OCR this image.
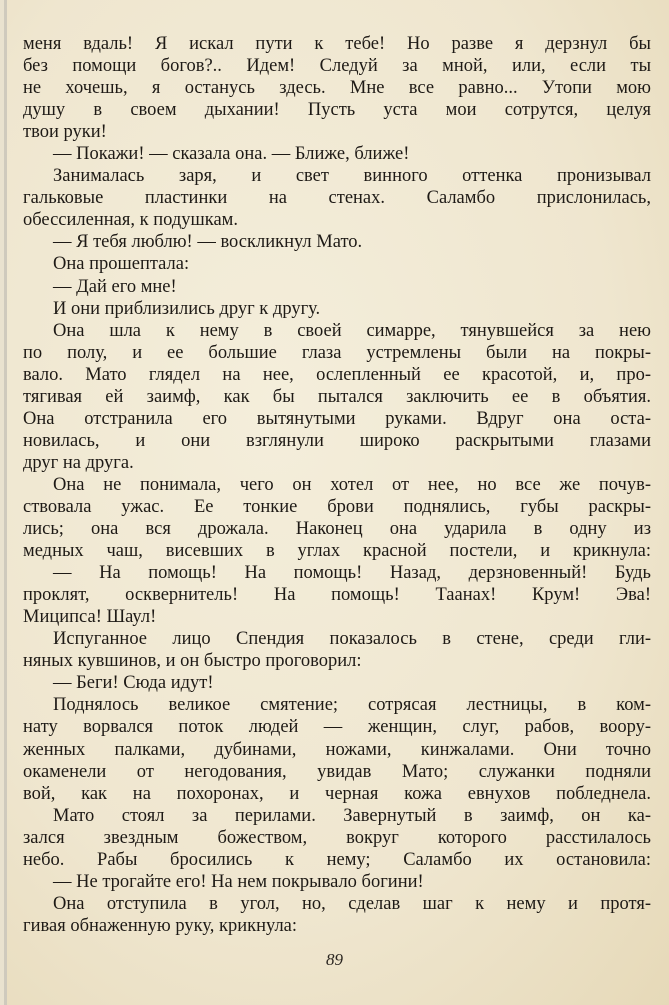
меня вдаль! Я искал пути к тебе! Но разве я дерзнул бы
без помощи богов?.. Идем! Следуй за мной, или, если ты
не хочешь, я останусь здесь. Мне все равно... Утопи мою
душу в своем дыхании! Пусть уста мои сотрутся, целуя
твои руки!
— Покажи! — сказала она. — Ближе, ближе!
Занималась заря, и свет винного оттенка пронизывал
гальковые пластинки на стенах. Саламбо прислонилась,
обессиленная, к подушкам.
— Я тебя люблю! — воскликнул Мато.
Она прошептала:
— Дай его мне!
И они приблизились друг к другу.
Она шла к нему в своей симарре, тянувшейся за нею
по полу, и ее большие глаза устремлены были на покры-
вало. Мато глядел на нее, ослепленный ее красотой, и, про-
тягивая ей заимф, как бы пытался заключить ее в объятия.
Она отстранила его вытянутыми руками. Вдруг она оста-
новилась, и они взглянули широко раскрытыми глазами
друг на друга.
Она не понимала, чего он хотел от нее, но все же почув-
ствовала ужас. Ее тонкие брови поднялись, губы раскры-
лись; она вся дрожала. Наконец она ударила в одну из
медных чаш, висевших в углах красной постели, и крикнула:
— На помощь! На помощь! Назад, дерзновенный! Будь
проклят, осквернитель! На помощь! Таанах! Крум! Эва!
Миципса! Шаул!
Испуганное лицо Спендия показалось в стене, среди гли-
няных кувшинов, и он быстро проговорил:
— Беги! Сюда идут!
Поднялось великое смятение; сотрясая лестницы, в ком-
нату ворвался поток людей — женщин, слуг, рабов, воору-
женных палками, дубинами, ножами, кинжалами. Они точно
окаменели от негодования, увидав Мато; служанки подняли
вой, как на похоронах, и черная кожа евнухов побледнела.
Мато стоял за перилами. Завернутый в заимф, он ка-
зался звездным божеством, вокруг которого расстилалось
небо. Рабы бросились к нему; Саламбо их остановила:
— Не трогайте его! На нем покрывало богини!
Она отступила в угол, но, сделав шаг к нему и протя-
гивая обнаженную руку, крикнула:
89
